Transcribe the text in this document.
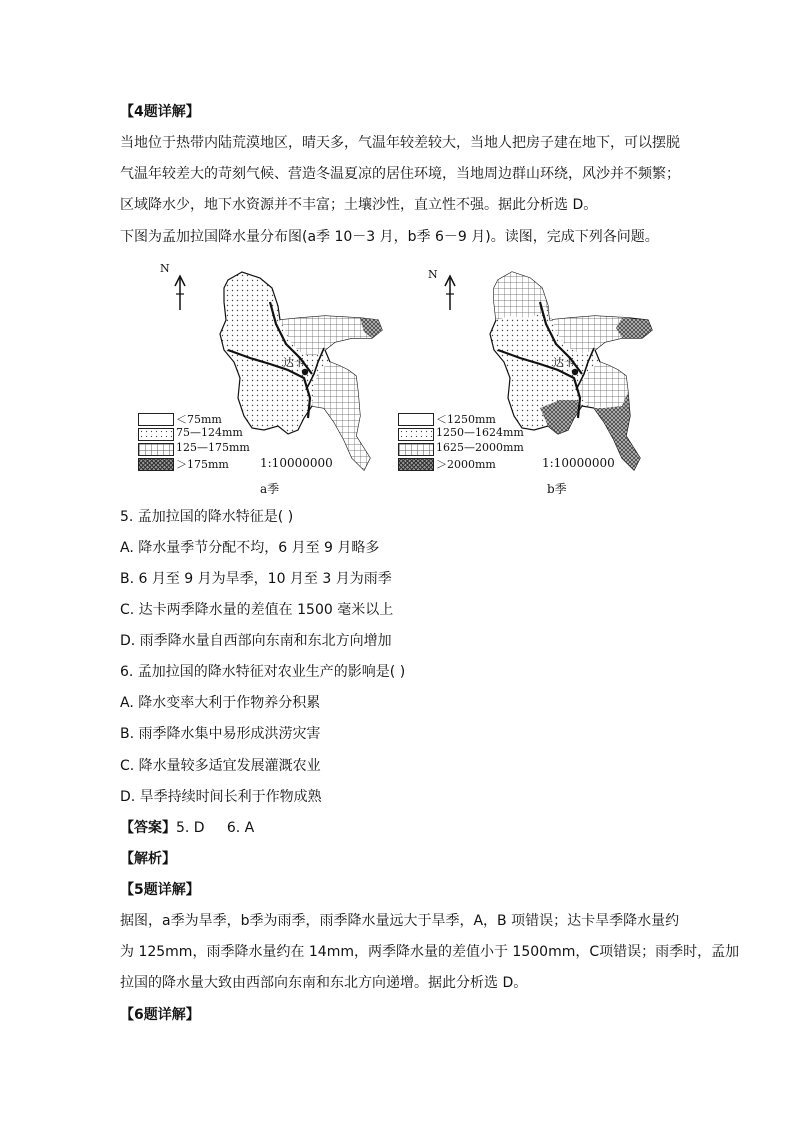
【4题详解】
当地位于热带内陆荒漠地区，晴天多，气温年较差较大，当地人把房子建在地下，可以摆脱
气温年较差大的苛刻气候、营造冬温夏凉的居住环境，当地周边群山环绕，风沙并不频繁；
区域降水少，地下水资源并不丰富；土壤沙性，直立性不强。据此分析选 D。
下图为孟加拉国降水量分布图(a季 10－3 月，b季 6－9 月)。读图，完成下列各问题。
N
达卡
＜75mm
75—124mm
125—175mm
＞175mm	1:10000000
a季
N
达卡
＜1250mm
1250—1624mm
1625—2000mm
＞2000mm	1:10000000
b季
5. 孟加拉国的降水特征是( )
A. 降水量季节分配不均，6 月至 9 月略多
B. 6 月至 9 月为旱季，10 月至 3 月为雨季
C. 达卡两季降水量的差值在 1500 毫米以上
D. 雨季降水量自西部向东南和东北方向增加
6. 孟加拉国的降水特征对农业生产的影响是( )
A. 降水变率大利于作物养分积累
B. 雨季降水集中易形成洪涝灾害
C. 降水量较多适宜发展灌溉农业
D. 旱季持续时间长利于作物成熟
【答案】5. D     6. A
【解析】
【5题详解】
据图，a季为旱季，b季为雨季，雨季降水量远大于旱季，A，B 项错误；达卡旱季降水量约
为 125mm，雨季降水量约在 14mm，两季降水量的差值小于 1500mm，C项错误；雨季时，孟加
拉国的降水量大致由西部向东南和东北方向递增。据此分析选 D。
【6题详解】
